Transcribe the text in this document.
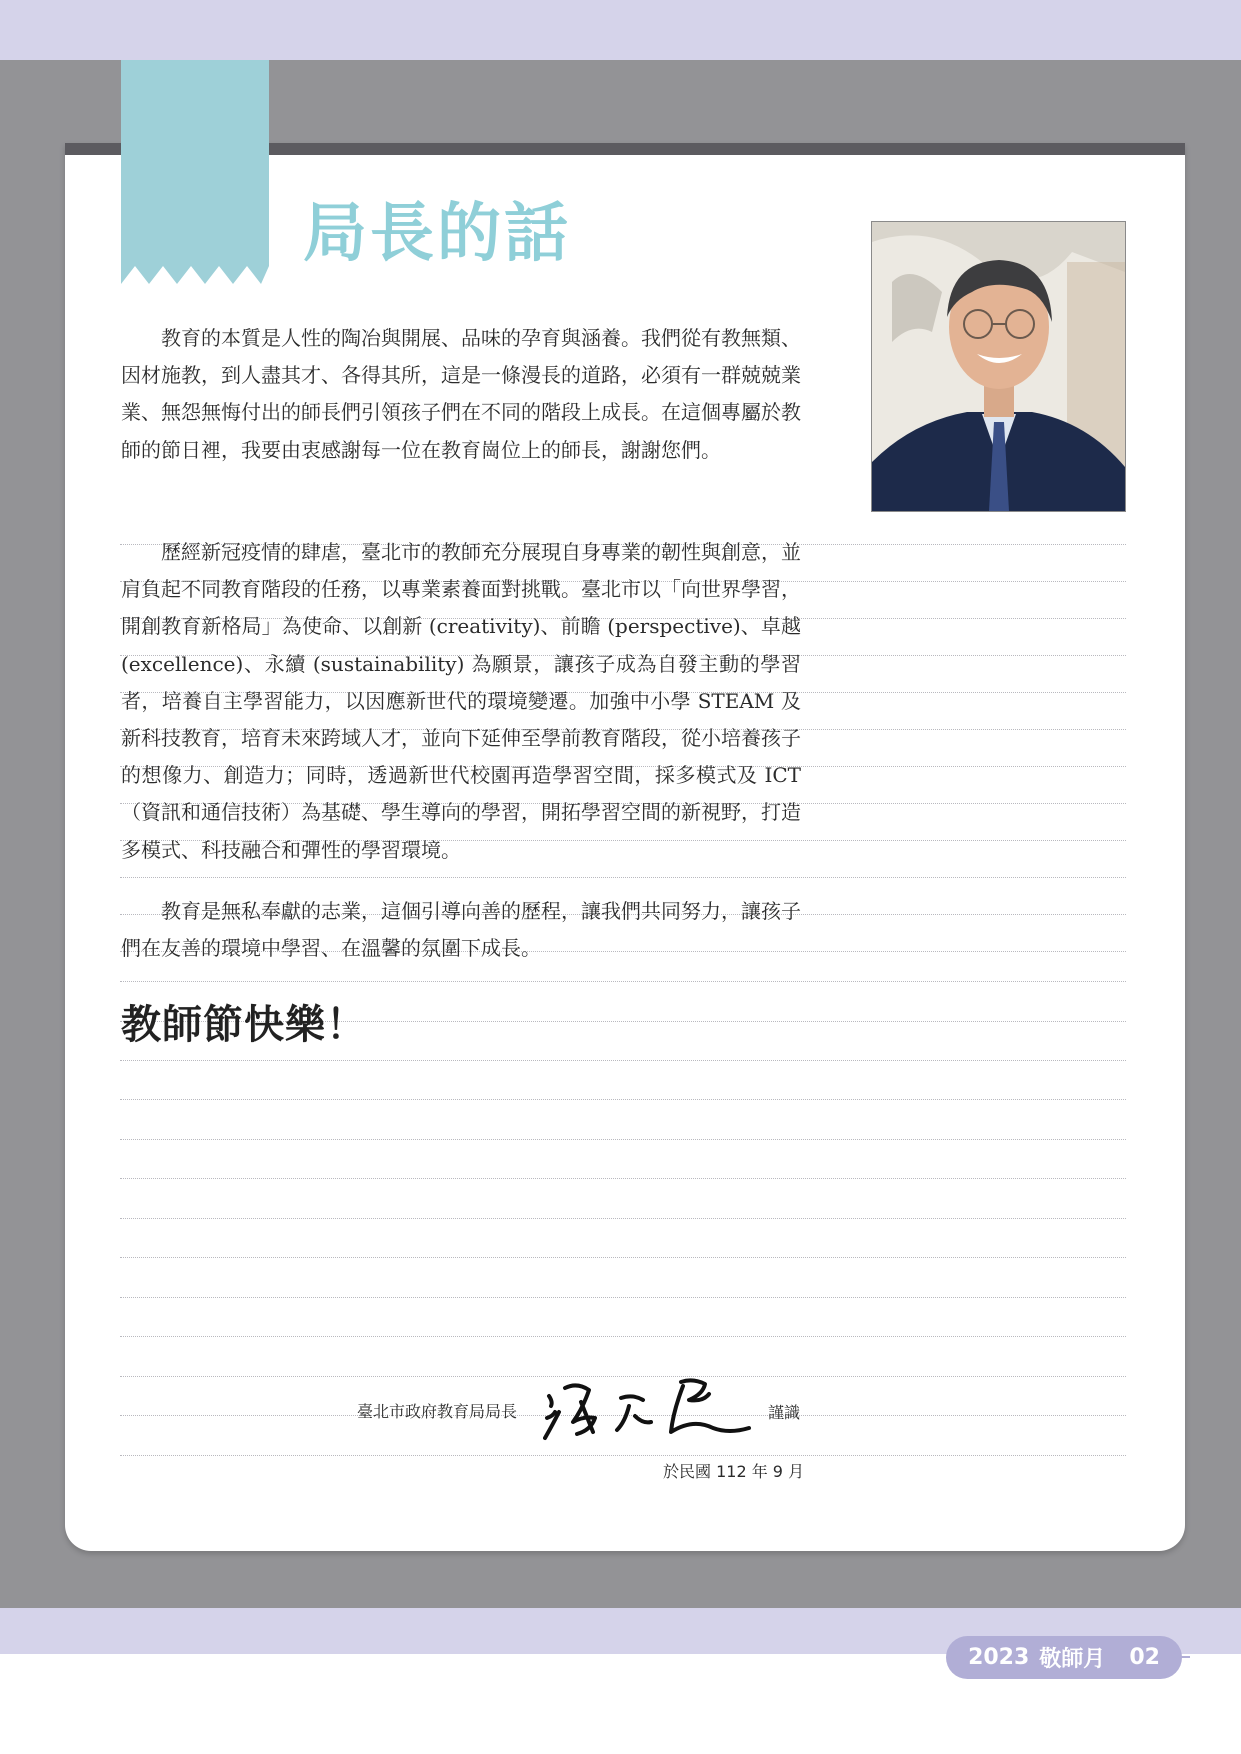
局長的話

教育的本質是人性的陶冶與開展、品味的孕育與涵養。我們從有教無類、因材施教，到人盡其才、各得其所，這是一條漫長的道路，必須有一群兢兢業業、無怨無悔付出的師長們引領孩子們在不同的階段上成長。在這個專屬於教師的節日裡，我要由衷感謝每一位在教育崗位上的師長，謝謝您們。

歷經新冠疫情的肆虐，臺北市的教師充分展現自身專業的韌性與創意，並肩負起不同教育階段的任務，以專業素養面對挑戰。臺北市以「向世界學習，開創教育新格局」為使命、以創新 (creativity)、前瞻 (perspective)、卓越 (excellence)、永續 (sustainability) 為願景，讓孩子成為自發主動的學習者，培養自主學習能力，以因應新世代的環境變遷。加強中小學 STEAM 及新科技教育，培育未來跨域人才，並向下延伸至學前教育階段，從小培養孩子的想像力、創造力；同時，透過新世代校園再造學習空間，採多模式及 ICT（資訊和通信技術）為基礎、學生導向的學習，開拓學習空間的新視野，打造多模式、科技融合和彈性的學習環境。

教育是無私奉獻的志業，這個引導向善的歷程，讓我們共同努力，讓孩子們在友善的環境中學習、在溫馨的氛圍下成長。

教師節快樂！
臺北市政府教育局局長	謹識
於民國 112 年 9 月
2023 敬師月 02
